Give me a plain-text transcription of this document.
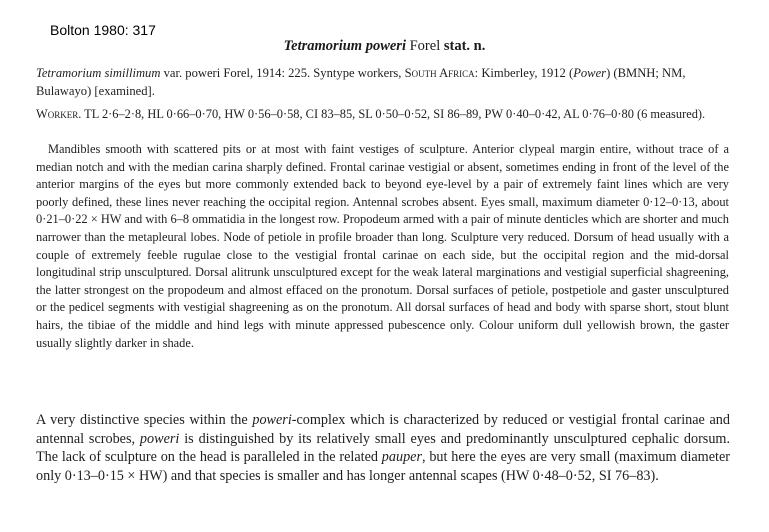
Bolton 1980: 317
Tetramorium poweri Forel stat. n.
Tetramorium simillimum var. poweri Forel, 1914: 225. Syntype workers, South Africa: Kimberley, 1912 (Power) (BMNH; NM, Bulawayo) [examined].
Worker. TL 2·6–2·8, HL 0·66–0·70, HW 0·56–0·58, CI 83–85, SL 0·50–0·52, SI 86–89, PW 0·40–0·42, AL 0·76–0·80 (6 measured).
Mandibles smooth with scattered pits or at most with faint vestiges of sculpture. Anterior clypeal margin entire, without trace of a median notch and with the median carina sharply defined. Frontal carinae vestigial or absent, sometimes ending in front of the level of the anterior margins of the eyes but more commonly extended back to beyond eye-level by a pair of extremely faint lines which are very poorly defined, these lines never reaching the occipital region. Antennal scrobes absent. Eyes small, maximum diameter 0·12–0·13, about 0·21–0·22 × HW and with 6–8 ommatidia in the longest row. Propodeum armed with a pair of minute denticles which are shorter and much narrower than the metapleural lobes. Node of petiole in profile broader than long. Sculpture very reduced. Dorsum of head usually with a couple of extremely feeble rugulae close to the vestigial frontal carinae on each side, but the occipital region and the mid-dorsal longitudinal strip unsculptured. Dorsal alitrunk unsculptured except for the weak lateral marginations and vestigial superficial shagreening, the latter strongest on the propodeum and almost effaced on the pronotum. Dorsal surfaces of petiole, postpetiole and gaster unsculptured or the pedicel segments with vestigial shagreening as on the pronotum. All dorsal surfaces of head and body with sparse short, stout blunt hairs, the tibiae of the middle and hind legs with minute appressed pubescence only. Colour uniform dull yellowish brown, the gaster usually slightly darker in shade.
A very distinctive species within the poweri-complex which is characterized by reduced or vestigial frontal carinae and antennal scrobes, poweri is distinguished by its relatively small eyes and predominantly unsculptured cephalic dorsum. The lack of sculpture on the head is paralleled in the related pauper, but here the eyes are very small (maximum diameter only 0·13–0·15 × HW) and that species is smaller and has longer antennal scapes (HW 0·48–0·52, SI 76–83).
